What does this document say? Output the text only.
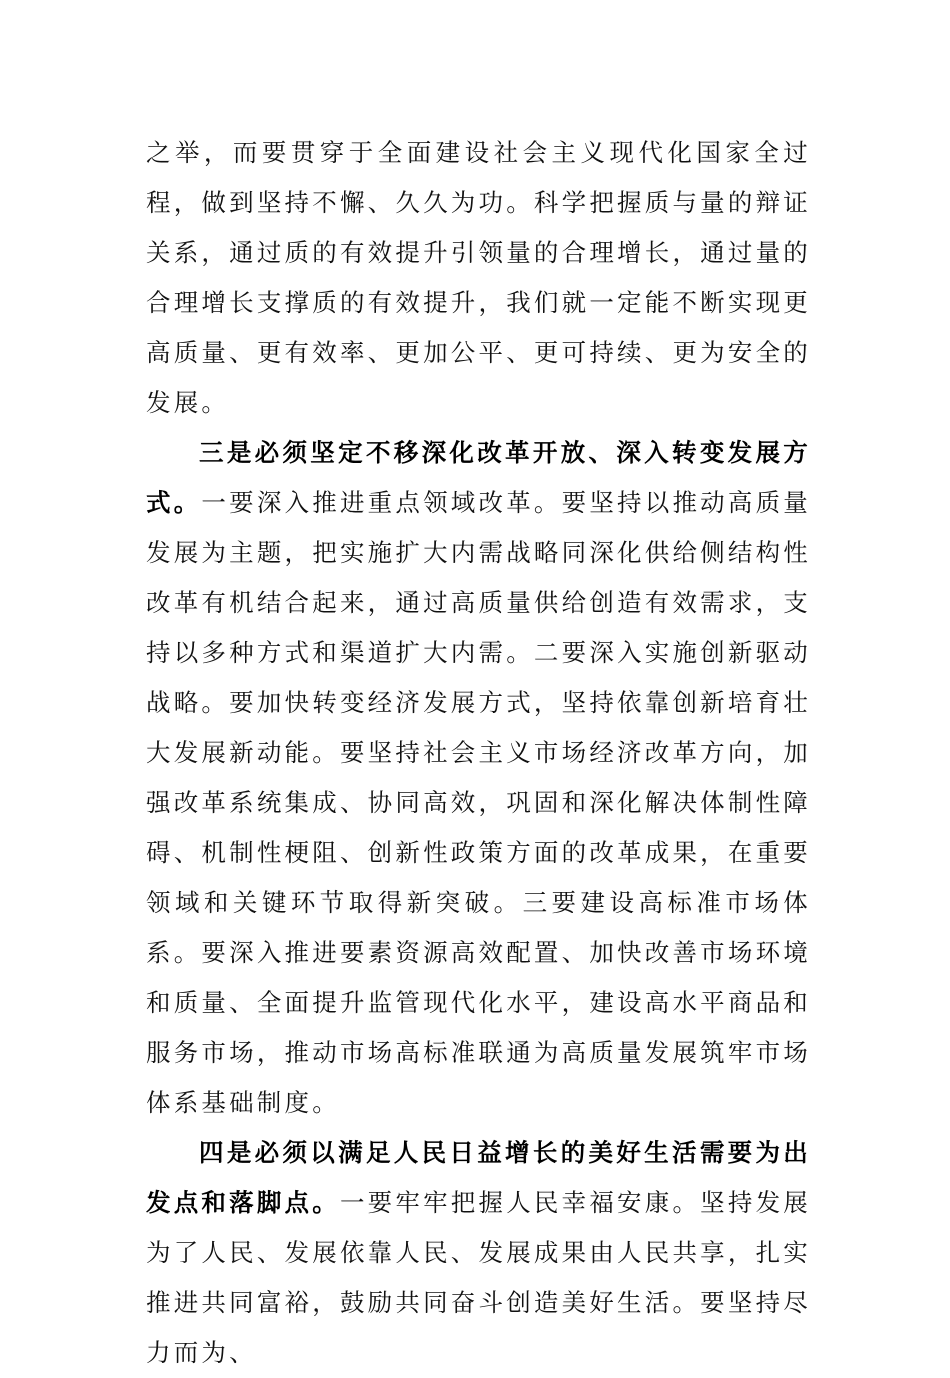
之举，而要贯穿于全面建设社会主义现代化国家全过程，做到坚持不懈、久久为功。科学把握质与量的辩证关系，通过质的有效提升引领量的合理增长，通过量的合理增长支撑质的有效提升，我们就一定能不断实现更高质量、更有效率、更加公平、更可持续、更为安全的发展。

三是必须坚定不移深化改革开放、深入转变发展方式。一要深入推进重点领域改革。要坚持以推动高质量发展为主题，把实施扩大内需战略同深化供给侧结构性改革有机结合起来，通过高质量供给创造有效需求，支持以多种方式和渠道扩大内需。二要深入实施创新驱动战略。要加快转变经济发展方式，坚持依靠创新培育壮大发展新动能。要坚持社会主义市场经济改革方向，加强改革系统集成、协同高效，巩固和深化解决体制性障碍、机制性梗阻、创新性政策方面的改革成果，在重要领域和关键环节取得新突破。三要建设高标准市场体系。要深入推进要素资源高效配置、加快改善市场环境和质量、全面提升监管现代化水平，建设高水平商品和服务市场，推动市场高标准联通为高质量发展筑牢市场体系基础制度。

四是必须以满足人民日益增长的美好生活需要为出发点和落脚点。一要牢牢把握人民幸福安康。坚持发展为了人民、发展依靠人民、发展成果由人民共享，扎实推进共同富裕，鼓励共同奋斗创造美好生活。要坚持尽力而为、
